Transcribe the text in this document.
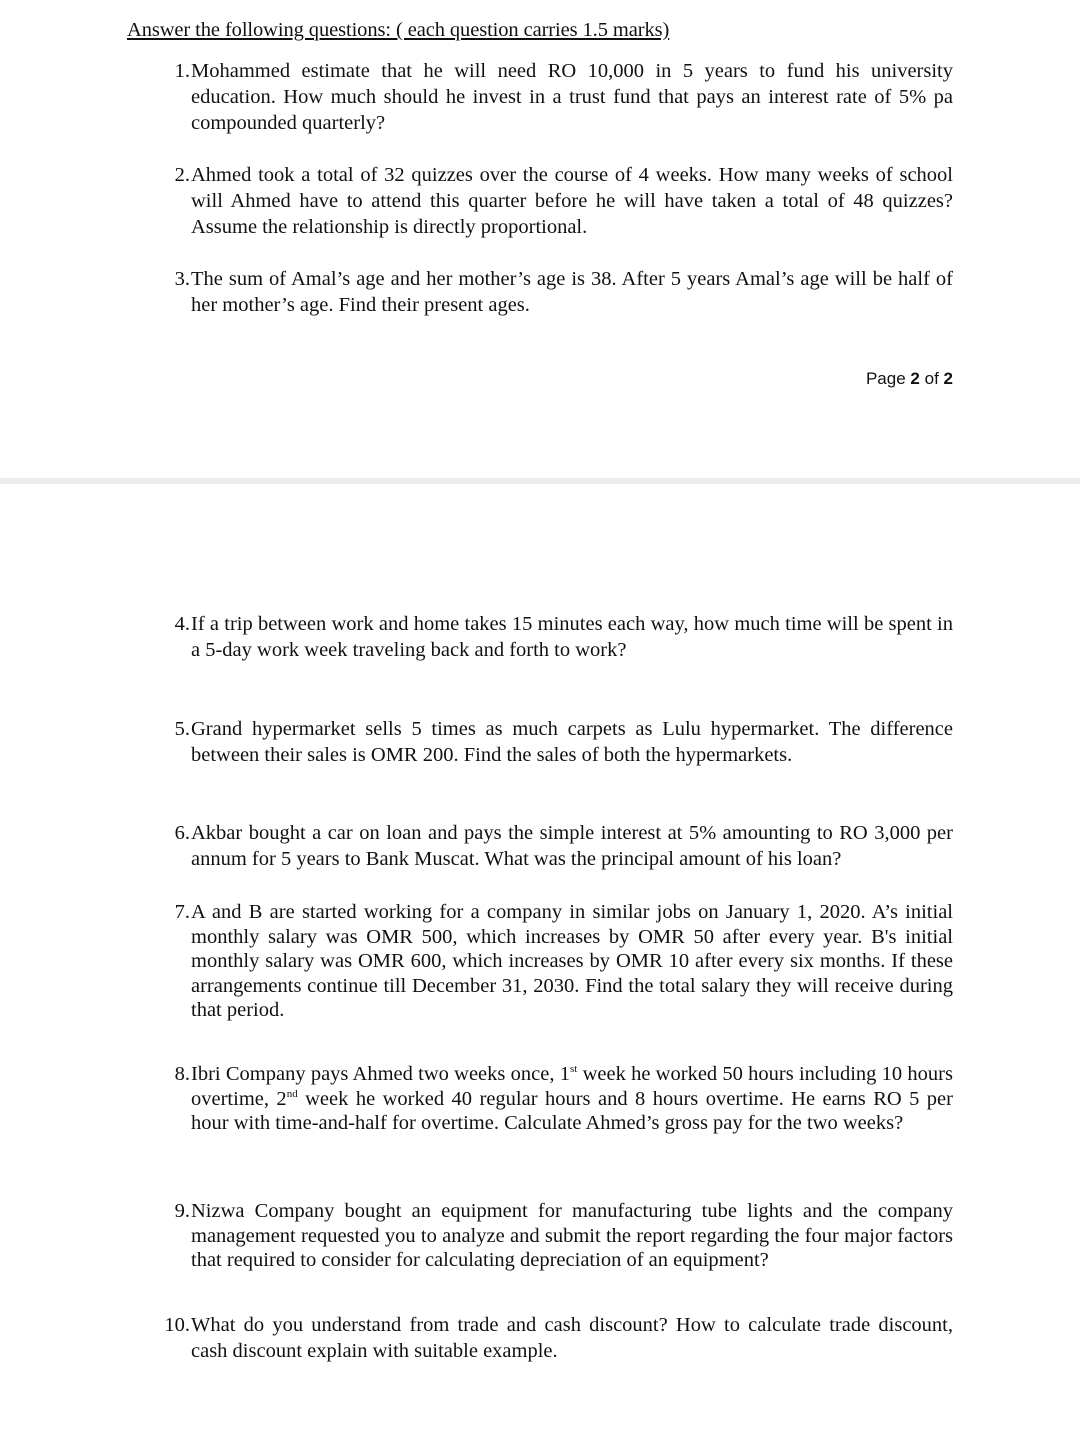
Answer the following questions: ( each question carries 1.5 marks)
1. Mohammed estimate that he will need RO 10,000 in 5 years to fund his university education. How much should he invest in a trust fund that pays an interest rate of 5% pa compounded quarterly?
2. Ahmed took a total of 32 quizzes over the course of 4 weeks. How many weeks of school will Ahmed have to attend this quarter before he will have taken a total of 48 quizzes? Assume the relationship is directly proportional.
3. The sum of Amal’s age and her mother’s age is 38. After 5 years Amal’s age will be half of her mother’s age. Find their present ages.
Page 2 of 2
4. If a trip between work and home takes 15 minutes each way, how much time will be spent in a 5-day work week traveling back and forth to work?
5. Grand hypermarket sells 5 times as much carpets as Lulu hypermarket. The difference between their sales is OMR 200. Find the sales of both the hypermarkets.
6. Akbar bought a car on loan and pays the simple interest at 5% amounting to RO 3,000 per annum for 5 years to Bank Muscat. What was the principal amount of his loan?
7. A and B are started working for a company in similar jobs on January 1, 2020. A’s initial monthly salary was OMR 500, which increases by OMR 50 after every year. B's initial monthly salary was OMR 600, which increases by OMR 10 after every six months. If these arrangements continue till December 31, 2030. Find the total salary they will receive during that period.
8. Ibri Company pays Ahmed two weeks once, 1st week he worked 50 hours including 10 hours overtime, 2nd week he worked 40 regular hours and 8 hours overtime. He earns RO 5 per hour with time-and-half for overtime. Calculate Ahmed’s gross pay for the two weeks?
9. Nizwa Company bought an equipment for manufacturing tube lights and the company management requested you to analyze and submit the report regarding the four major factors that required to consider for calculating depreciation of an equipment?
10. What do you understand from trade and cash discount? How to calculate trade discount, cash discount explain with suitable example.
